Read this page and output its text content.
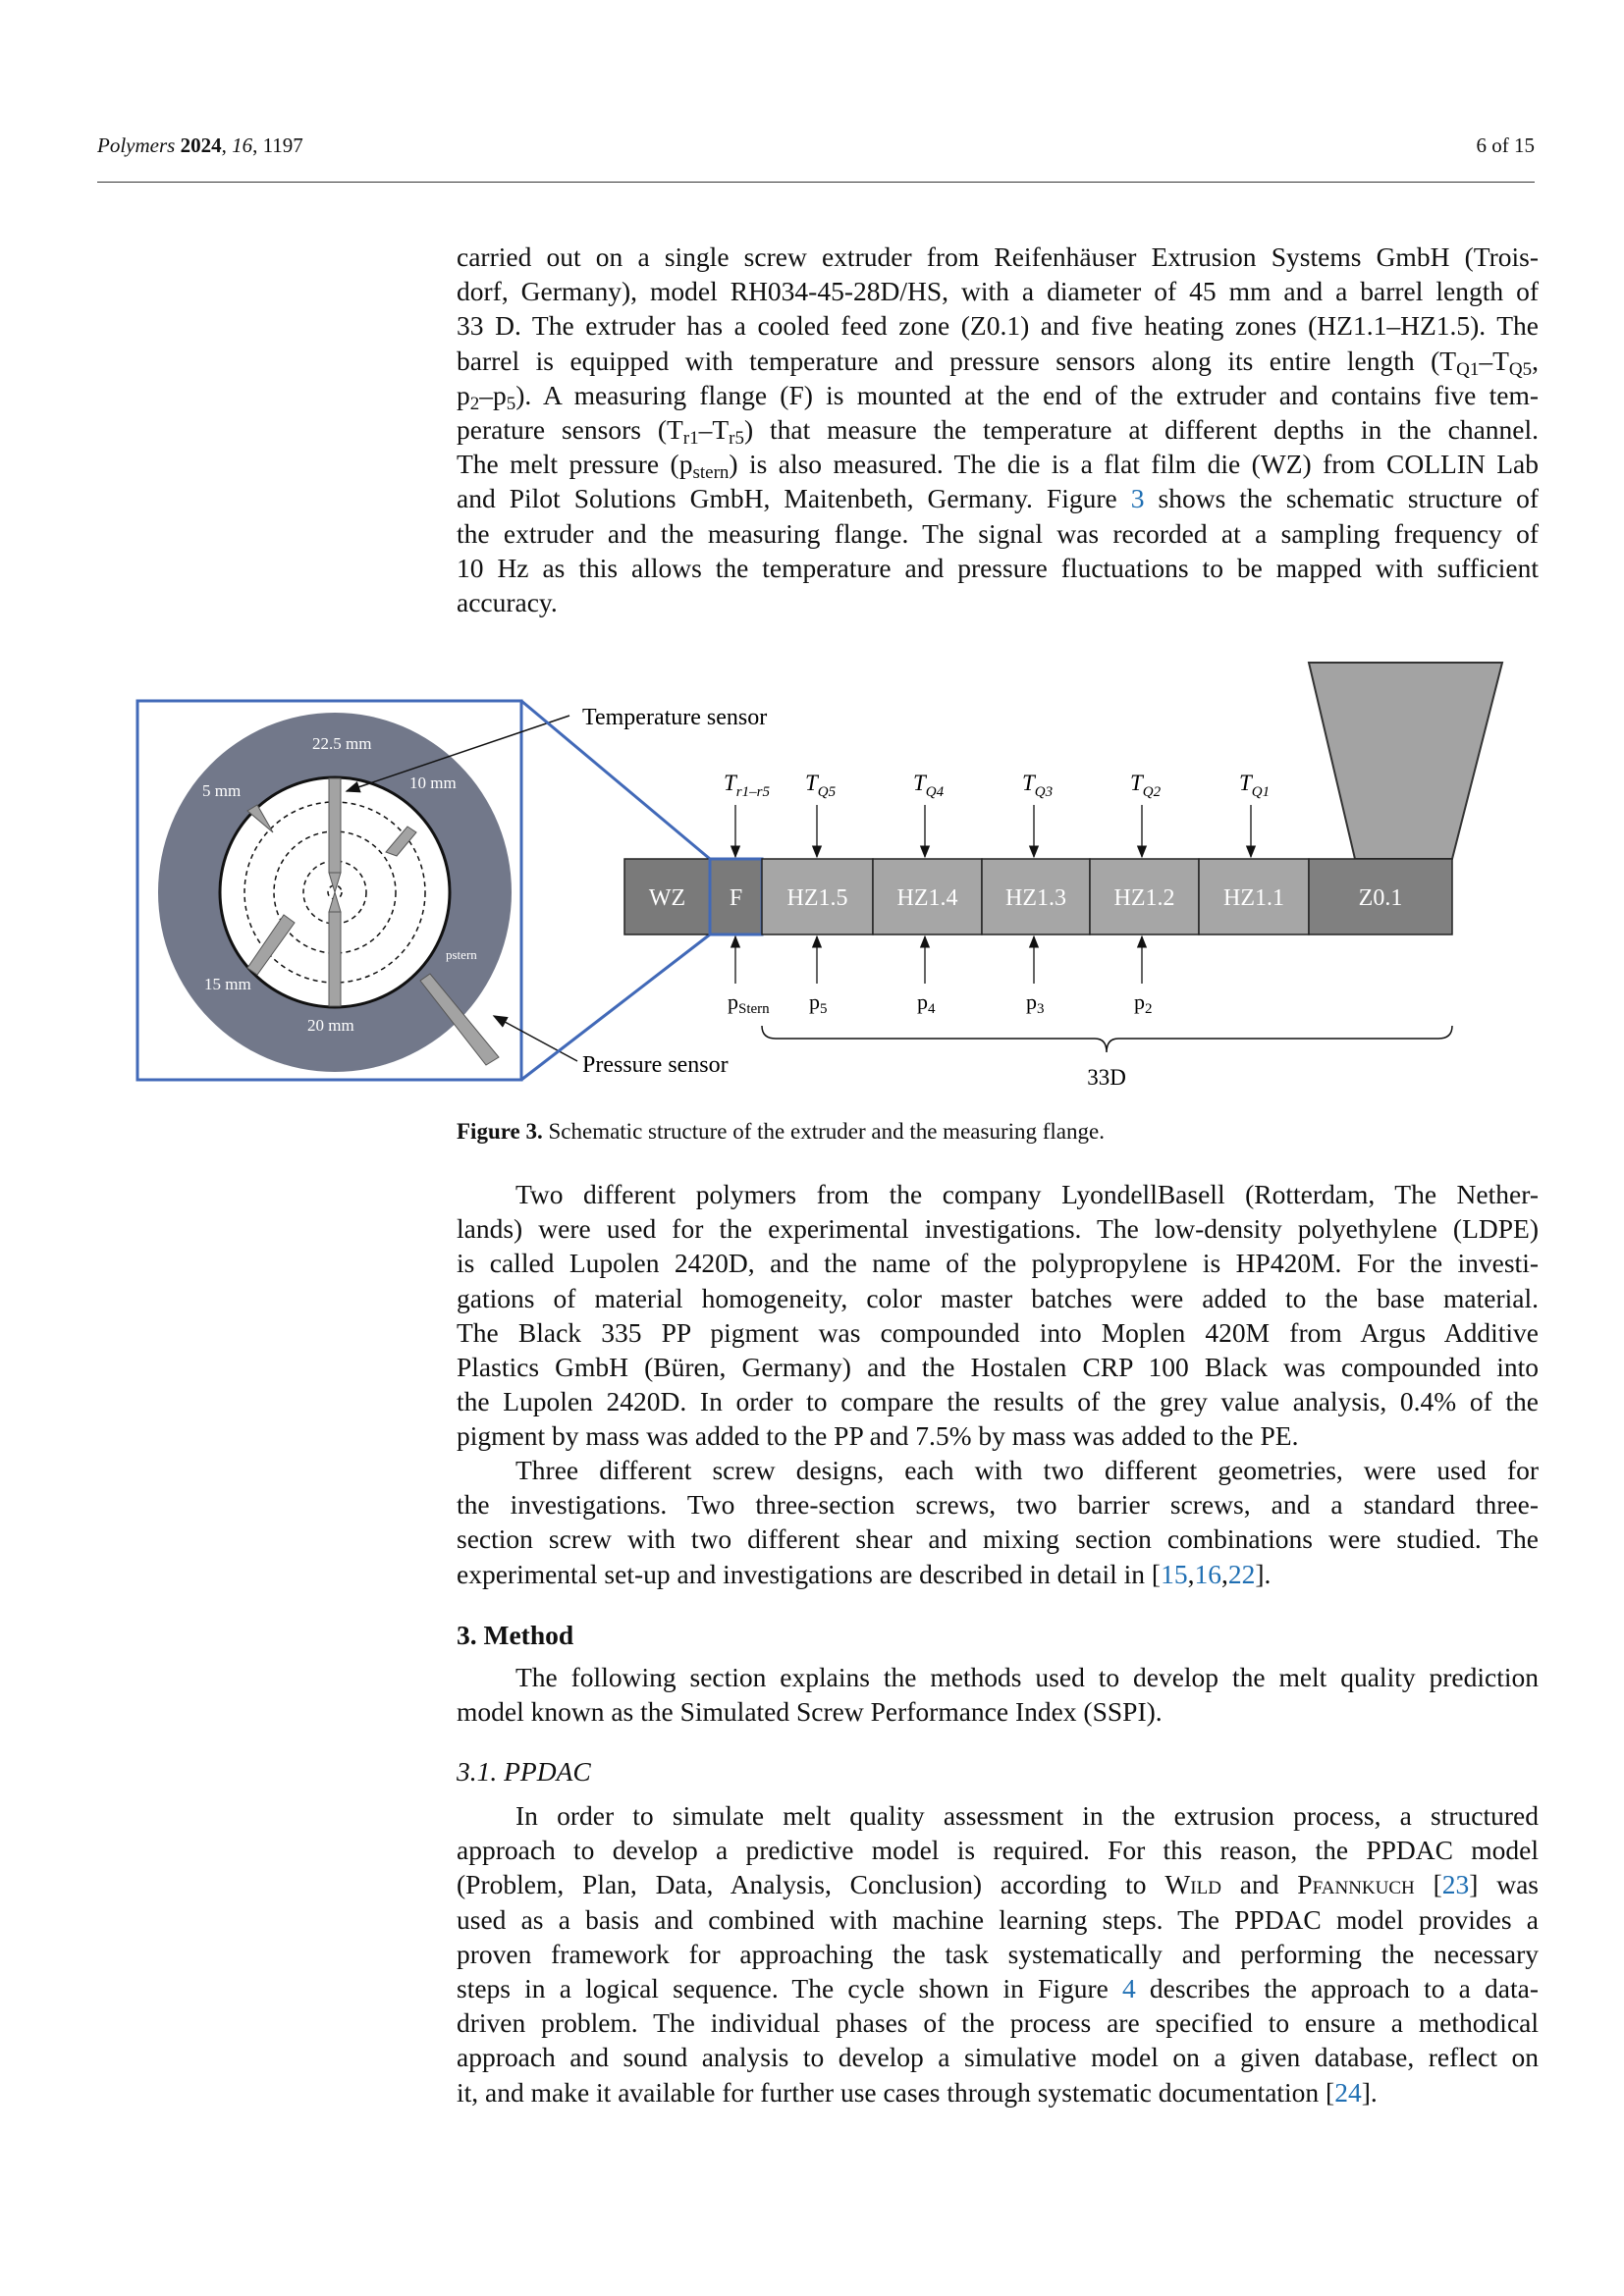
Polymers 2024, 16, 1197	6 of 15
carried out on a single screw extruder from Reifenhäuser Extrusion Systems GmbH (Trois-
dorf, Germany), model RH034-45-28D/HS, with a diameter of 45 mm and a barrel length of
33 D. The extruder has a cooled feed zone (Z0.1) and five heating zones (HZ1.1–HZ1.5). The
barrel is equipped with temperature and pressure sensors along its entire length ($T_{Q1}-T_{Q5}$,
$p_2-p_5$). A measuring flange (F) is mounted at the end of the extruder and contains five tem-
perature sensors $(T_{r1}-T_{r5})$ that measure the temperature at different depths in the channel.
The melt pressure $(p_{stern})$ is also measured. The die is a flat film die (WZ) from COLLIN Lab
and Pilot Solutions GmbH, Maitenbeth, Germany. Figure 3 shows the schematic structure of
the extruder and the measuring flange. The signal was recorded at a sampling frequency of
10 Hz as this allows the temperature and pressure fluctuations to be mapped with sufficient
accuracy.
22.5 mm
10 mm
5 mm
15 mm
20 mm
pstern
Temperature sensor
Pressure sensor
WZ F HZ1.5 HZ1.4 HZ1.3 HZ1.2 HZ1.1	Z0.1
$T_{r1-r5}$ $T_{Q5}$	$T_{Q4}$	$T_{Q3}$	$T_{Q2}$	$T_{Q1}$
pStern p5	p4	p3	p2
33D
Figure 3. Schematic structure of the extruder and the measuring flange.
Two different polymers from the company LyondellBasell (Rotterdam, The Nether-
lands) were used for the experimental investigations. The low-density polyethylene (LDPE)
is called Lupolen 2420D, and the name of the polypropylene is HP420M. For the investi-
gations of material homogeneity, color master batches were added to the base material.
The Black 335 PP pigment was compounded into Moplen 420M from Argus Additive
Plastics GmbH (Büren, Germany) and the Hostalen CRP 100 Black was compounded into
the Lupolen 2420D. In order to compare the results of the grey value analysis, 0.4% of the
pigment by mass was added to the PP and 7.5% by mass was added to the PE.
Three different screw designs, each with two different geometries, were used for
the investigations. Two three-section screws, two barrier screws, and a standard three-
section screw with two different shear and mixing section combinations were studied. The
experimental set-up and investigations are described in detail in [15,16,22].
3. Method
The following section explains the methods used to develop the melt quality prediction
model known as the Simulated Screw Performance Index (SSPI).
3.1. PPDAC
In order to simulate melt quality assessment in the extrusion process, a structured
approach to develop a predictive model is required. For this reason, the PPDAC model
(Problem, Plan, Data, Analysis, Conclusion) according to Wild and Pfannkuch [23] was
used as a basis and combined with machine learning steps. The PPDAC model provides a
proven framework for approaching the task systematically and performing the necessary
steps in a logical sequence. The cycle shown in Figure 4 describes the approach to a data-
driven problem. The individual phases of the process are specified to ensure a methodical
approach and sound analysis to develop a simulative model on a given database, reflect on
it, and make it available for further use cases through systematic documentation [24].
